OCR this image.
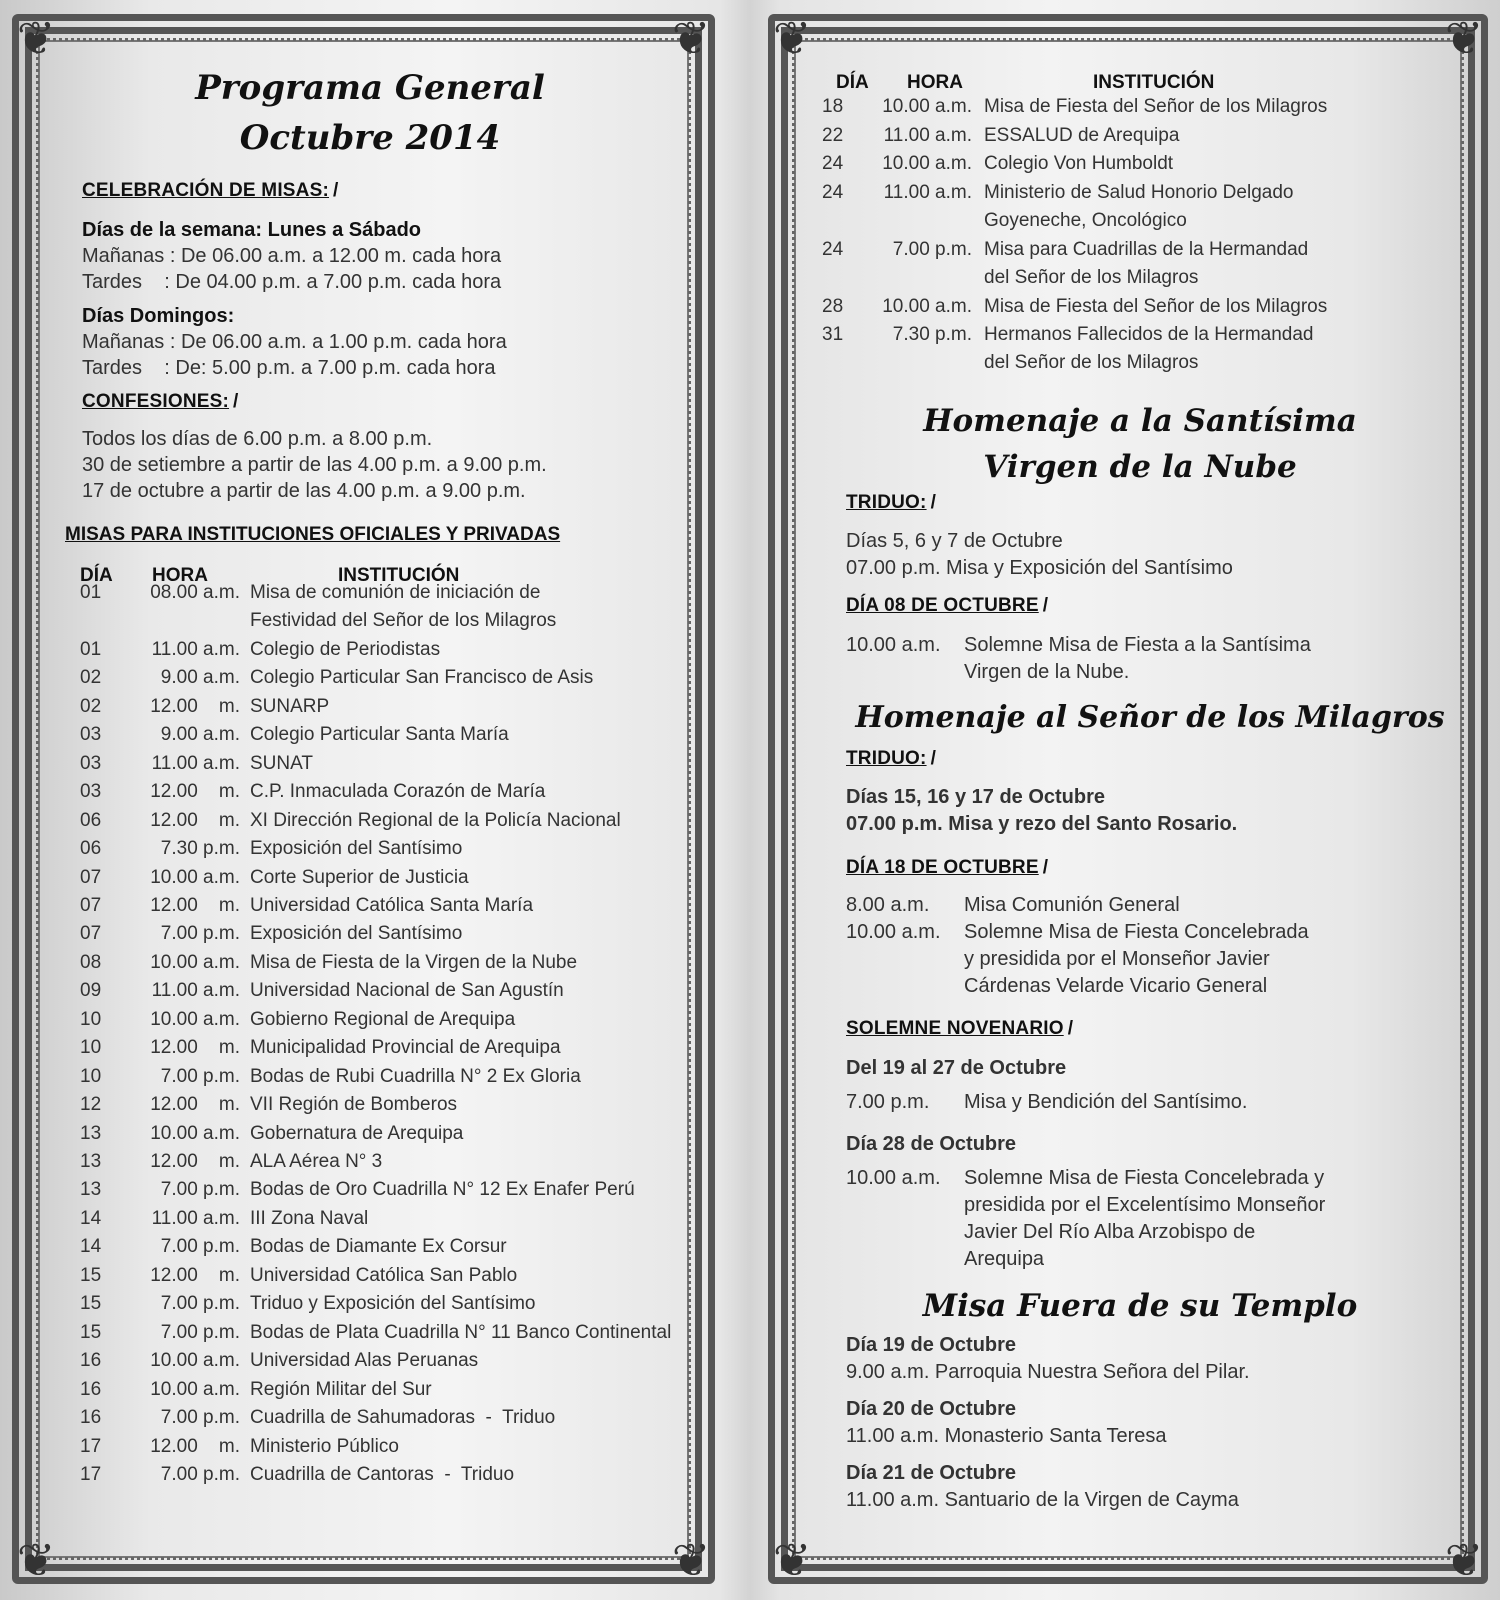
❦	❦
❦	❦
Programa General
Octubre 2014
CELEBRACIÓN DE MISAS: /
Días de la semana: Lunes a Sábado
Mañanas : De 06.00 a.m. a 12.00 m. cada hora
Tardes    : De 04.00 p.m. a 7.00 p.m. cada hora
Días Domingos:
Mañanas : De 06.00 a.m. a 1.00 p.m. cada hora
Tardes    : De: 5.00 p.m. a 7.00 p.m. cada hora
CONFESIONES: /
Todos los días de 6.00 p.m. a 8.00 p.m.
30 de setiembre a partir de las 4.00 p.m. a 9.00 p.m.
17 de octubre a partir de las 4.00 p.m. a 9.00 p.m.
MISAS PARA INSTITUCIONES OFICIALES Y PRIVADAS
DÍA HORA	INSTITUCIÓN
01	08.00 a.m. Misa de comunión de iniciación de
Festividad del Señor de los Milagros
01	11.00 a.m. Colegio de Periodistas
02	9.00 a.m. Colegio Particular San Francisco de Asis
02	12.00    m. SUNARP
03	9.00 a.m. Colegio Particular Santa María
03	11.00 a.m. SUNAT
03	12.00    m. C.P. Inmaculada Corazón de María
06	12.00    m. XI Dirección Regional de la Policía Nacional
06	7.30 p.m. Exposición del Santísimo
07	10.00 a.m. Corte Superior de Justicia
07	12.00    m. Universidad Católica Santa María
07	7.00 p.m. Exposición del Santísimo
08	10.00 a.m. Misa de Fiesta de la Virgen de la Nube
09	11.00 a.m. Universidad Nacional de San Agustín
10	10.00 a.m. Gobierno Regional de Arequipa
10	12.00    m. Municipalidad Provincial de Arequipa
10	7.00 p.m. Bodas de Rubi Cuadrilla N° 2 Ex Gloria
12	12.00    m. VII Región de Bomberos
13	10.00 a.m. Gobernatura de Arequipa
13	12.00    m. ALA Aérea N° 3
13	7.00 p.m. Bodas de Oro Cuadrilla N° 12 Ex Enafer Perú
14	11.00 a.m. III Zona Naval
14	7.00 p.m. Bodas de Diamante Ex Corsur
15	12.00    m. Universidad Católica San Pablo
15	7.00 p.m. Triduo y Exposición del Santísimo
15	7.00 p.m. Bodas de Plata Cuadrilla N° 11 Banco Continental
16	10.00 a.m. Universidad Alas Peruanas
16	10.00 a.m. Región Militar del Sur
16	7.00 p.m. Cuadrilla de Sahumadoras  -  Triduo
17	12.00    m. Ministerio Público
17	7.00 p.m. Cuadrilla de Cantoras  -  Triduo
❦	❦
❦	❦
DÍA HORA	INSTITUCIÓN
18	10.00 a.m. Misa de Fiesta del Señor de los Milagros
22	11.00 a.m. ESSALUD de Arequipa
24	10.00 a.m. Colegio Von Humboldt
24	11.00 a.m. Ministerio de Salud Honorio Delgado
Goyeneche, Oncológico
24	7.00 p.m. Misa para Cuadrillas de la Hermandad
del Señor de los Milagros
28	10.00 a.m. Misa de Fiesta del Señor de los Milagros
31	7.30 p.m. Hermanos Fallecidos de la Hermandad
del Señor de los Milagros
Homenaje a la Santísima
Virgen de la Nube
TRIDUO: /
Días 5, 6 y 7 de Octubre
07.00 p.m. Misa y Exposición del Santísimo
DÍA 08 DE OCTUBRE /
10.00 a.m. Solemne Misa de Fiesta a la Santísima
Virgen de la Nube.
Homenaje al Señor de los Milagros
TRIDUO: /
Días 15, 16 y 17 de Octubre
07.00 p.m. Misa y rezo del Santo Rosario.
DÍA 18 DE OCTUBRE /
8.00 a.m. Misa Comunión General
10.00 a.m. Solemne Misa de Fiesta Concelebrada
y presidida por el Monseñor Javier
Cárdenas Velarde Vicario General
SOLEMNE NOVENARIO /
Del 19 al 27 de Octubre
7.00 p.m. Misa y Bendición del Santísimo.
Día 28 de Octubre
10.00 a.m. Solemne Misa de Fiesta Concelebrada y
presidida por el Excelentísimo Monseñor
Javier Del Río Alba Arzobispo de
Arequipa
Misa Fuera de su Templo
Día 19 de Octubre
9.00 a.m. Parroquia Nuestra Señora del Pilar.
Día 20 de Octubre
11.00 a.m. Monasterio Santa Teresa
Día 21 de Octubre
11.00 a.m. Santuario de la Virgen de Cayma
